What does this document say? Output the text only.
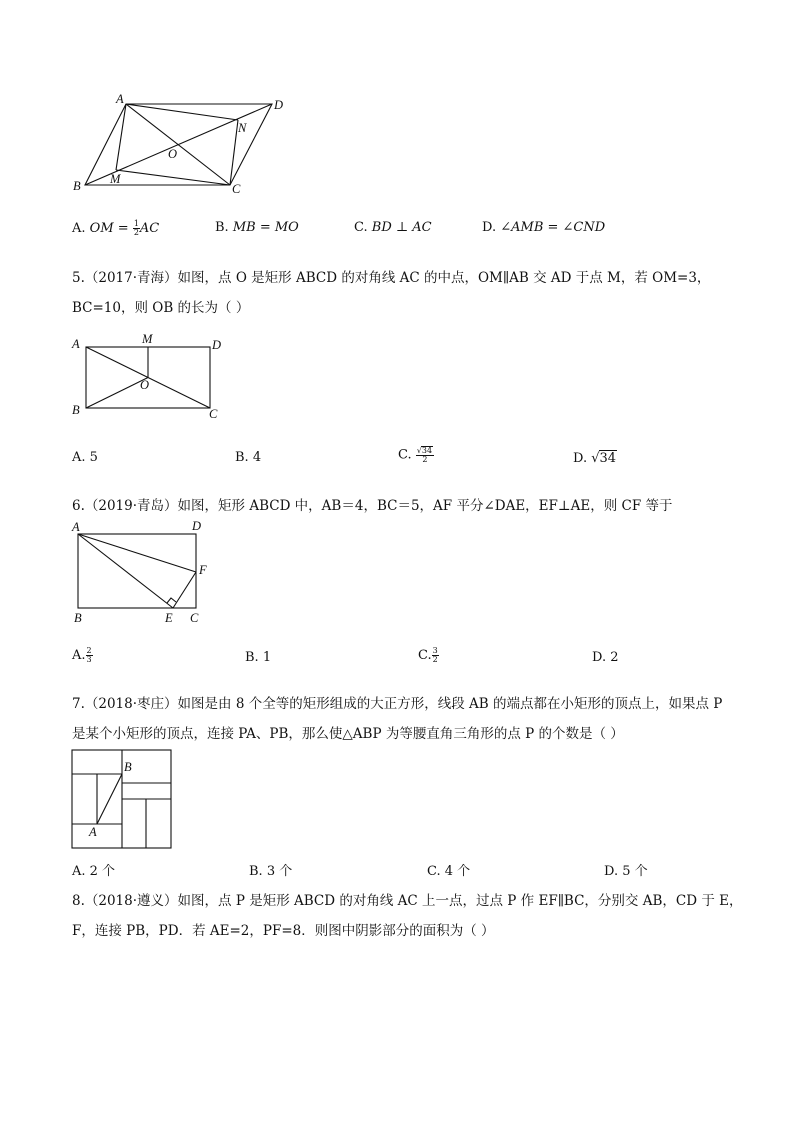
A	D
B	C
M
N
O
A. OM = $\frac{1}{2}$ AC	B. MB = MO	C. BD ⊥ AC	D. ∠AMB = ∠CND
5.（2017·青海）如图，点 O 是矩形 ABCD 的对角线 AC 的中点，OM∥AB 交 AD 于点 M，若 OM=3，
BC=10，则 OB 的长为（ ）
A	D
B	C
M
O
A. 5	B. 4	C. $\frac{√34}{2}$	D. √34
6.（2019·青岛）如图，矩形 ABCD 中，AB＝4，BC＝5，AF 平分∠DAE，EF⊥AE，则 CF 等于
A	D
F
B	E C
A. $\frac{2}{3}$	B. 1	C. $\frac{3}{2}$	D. 2
7.（2018·枣庄）如图是由 8 个全等的矩形组成的大正方形，线段 AB 的端点都在小矩形的顶点上，如果点 P
是某个小矩形的顶点，连接 PA、PB，那么使△ABP 为等腰直角三角形的点 P 的个数是（ ）
B
A
A. 2 个	B. 3 个	C. 4 个	D. 5 个
8.（2018·遵义）如图，点 P 是矩形 ABCD 的对角线 AC 上一点，过点 P 作 EF∥BC，分别交 AB，CD 于 E，
F，连接 PB，PD．若 AE=2，PF=8．则图中阴影部分的面积为（ ）
